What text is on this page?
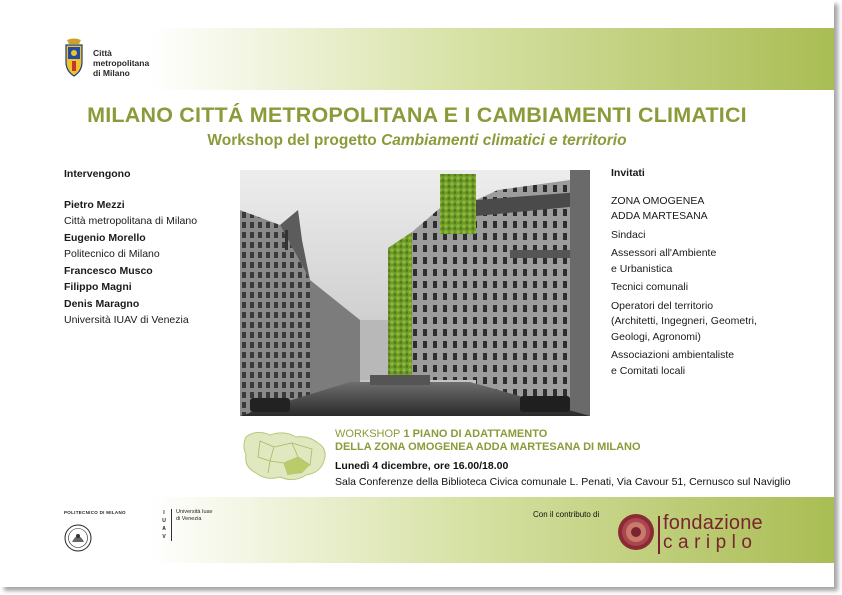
Città
metropolitana
di Milano
MILANO CITTÁ METROPOLITANA E I CAMBIAMENTI CLIMATICI
Workshop del progetto Cambiamenti climatici e territorio
Intervengono
Pietro Mezzi
Città metropolitana di Milano
Eugenio Morello
Politecnico di Milano
Francesco Musco
Filippo Magni
Denis Maragno
Università IUAV di Venezia
Invitati
ZONA OMOGENEA
ADDA MARTESANA
Sindaci
Assessori all'Ambiente
e Urbanistica
Tecnici comunali
Operatori del territorio
(Architetti, Ingegneri, Geometri,
Geologi, Agronomi)
Associazioni ambientaliste
e Comitati locali
WORKSHOP 1 PIANO DI ADATTAMENTO
DELLA ZONA OMOGENEA ADDA MARTESANA DI MILANO
Lunedì 4 dicembre, ore 16.00/18.00
Sala Conferenze della Biblioteca Civica comunale L. Penati, Via Cavour 51, Cernusco sul Naviglio
POLITECNICO DI MILANO	I
U
A
V
Università Iuav
di Venezia	Con il contributo di	fondazione
cariplo
